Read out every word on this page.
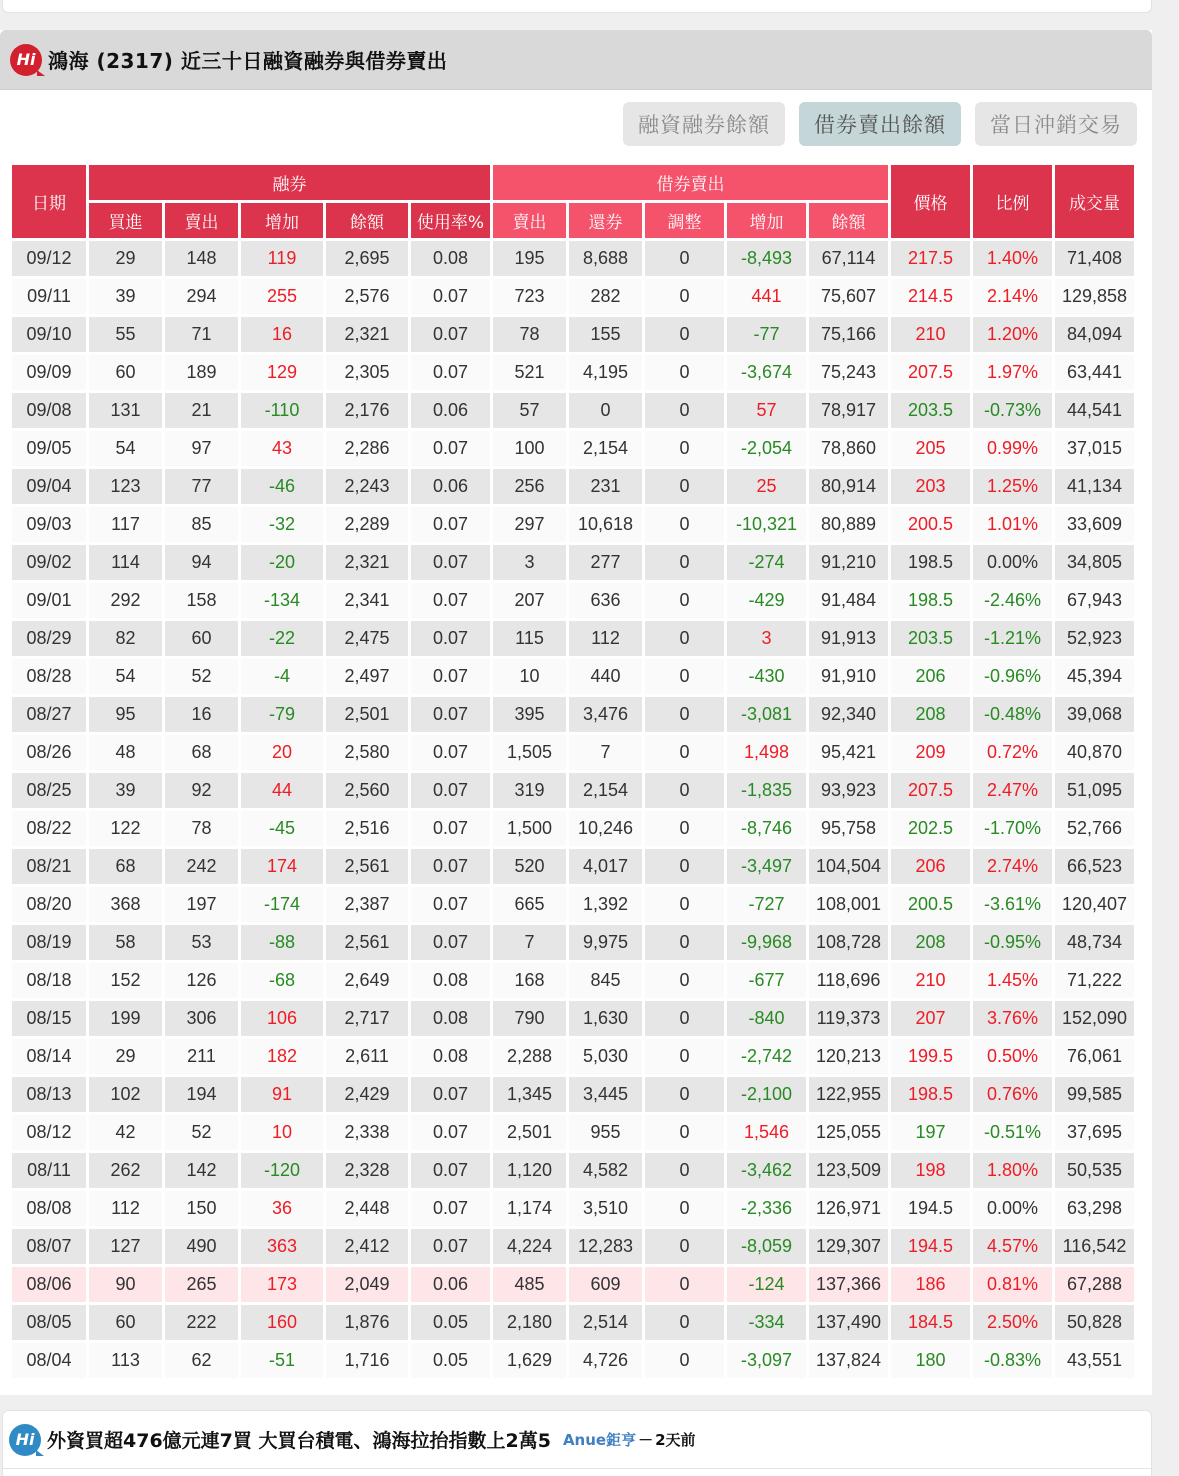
Hi 鴻海 (2317) 近三十日融資融券與借券賣出
融資融券餘額	借券賣出餘額	當日沖銷交易
日期	融券					借券賣出					價格	比例	成交量
	買進	賣出	增加	餘額	使用率%	賣出	還券	調整	增加	餘額			
09/12	29	148	119	2,695	0.08	195	8,688	0	-8,493	67,114	217.5	1.40%	71,408
09/11	39	294	255	2,576	0.07	723	282	0	441	75,607	214.5	2.14%	129,858
09/10	55	71	16	2,321	0.07	78	155	0	-77	75,166	210	1.20%	84,094
09/09	60	189	129	2,305	0.07	521	4,195	0	-3,674	75,243	207.5	1.97%	63,441
09/08	131	21	-110	2,176	0.06	57	0	0	57	78,917	203.5	-0.73%	44,541
09/05	54	97	43	2,286	0.07	100	2,154	0	-2,054	78,860	205	0.99%	37,015
09/04	123	77	-46	2,243	0.06	256	231	0	25	80,914	203	1.25%	41,134
09/03	117	85	-32	2,289	0.07	297	10,618	0	-10,321	80,889	200.5	1.01%	33,609
09/02	114	94	-20	2,321	0.07	3	277	0	-274	91,210	198.5	0.00%	34,805
09/01	292	158	-134	2,341	0.07	207	636	0	-429	91,484	198.5	-2.46%	67,943
08/29	82	60	-22	2,475	0.07	115	112	0	3	91,913	203.5	-1.21%	52,923
08/28	54	52	-4	2,497	0.07	10	440	0	-430	91,910	206	-0.96%	45,394
08/27	95	16	-79	2,501	0.07	395	3,476	0	-3,081	92,340	208	-0.48%	39,068
08/26	48	68	20	2,580	0.07	1,505	7	0	1,498	95,421	209	0.72%	40,870
08/25	39	92	44	2,560	0.07	319	2,154	0	-1,835	93,923	207.5	2.47%	51,095
08/22	122	78	-45	2,516	0.07	1,500	10,246	0	-8,746	95,758	202.5	-1.70%	52,766
08/21	68	242	174	2,561	0.07	520	4,017	0	-3,497	104,504	206	2.74%	66,523
08/20	368	197	-174	2,387	0.07	665	1,392	0	-727	108,001	200.5	-3.61%	120,407
08/19	58	53	-88	2,561	0.07	7	9,975	0	-9,968	108,728	208	-0.95%	48,734
08/18	152	126	-68	2,649	0.08	168	845	0	-677	118,696	210	1.45%	71,222
08/15	199	306	106	2,717	0.08	790	1,630	0	-840	119,373	207	3.76%	152,090
08/14	29	211	182	2,611	0.08	2,288	5,030	0	-2,742	120,213	199.5	0.50%	76,061
08/13	102	194	91	2,429	0.07	1,345	3,445	0	-2,100	122,955	198.5	0.76%	99,585
08/12	42	52	10	2,338	0.07	2,501	955	0	1,546	125,055	197	-0.51%	37,695
08/11	262	142	-120	2,328	0.07	1,120	4,582	0	-3,462	123,509	198	1.80%	50,535
08/08	112	150	36	2,448	0.07	1,174	3,510	0	-2,336	126,971	194.5	0.00%	63,298
08/07	127	490	363	2,412	0.07	4,224	12,283	0	-8,059	129,307	194.5	4.57%	116,542
08/06	90	265	173	2,049	0.06	485	609	0	-124	137,366	186	0.81%	67,288
08/05	60	222	160	1,876	0.05	2,180	2,514	0	-334	137,490	184.5	2.50%	50,828
08/04	113	62	-51	1,716	0.05	1,629	4,726	0	-3,097	137,824	180	-0.83%	43,551
Hi 外資買超476億元連7買 大買台積電、鴻海拉抬指數上2萬5 Anue鉅亨 － 2天前
